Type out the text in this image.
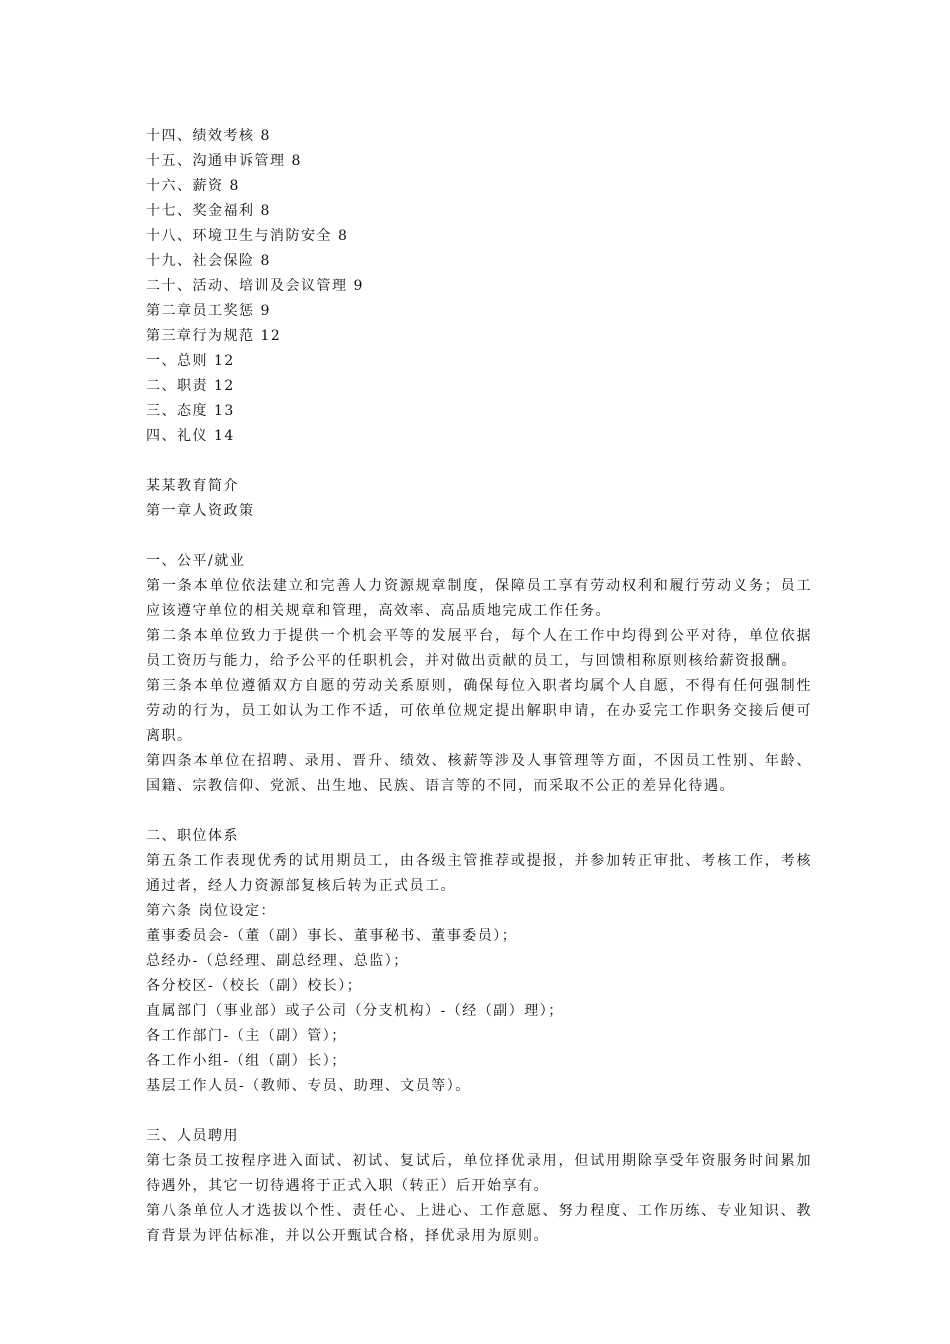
十四、绩效考核 8
十五、沟通申诉管理 8
十六、薪资 8
十七、奖金福利 8
十八、环境卫生与消防安全 8
十九、社会保险 8
二十、活动、培训及会议管理 9
第二章员工奖惩 9
第三章行为规范 12
一、总则 12
二、职责 12
三、态度 13
四、礼仪 14
某某教育简介
第一章人资政策
一、公平/就业
第一条本单位依法建立和完善人力资源规章制度，保障员工享有劳动权利和履行劳动义务；员工应该遵守单位的相关规章和管理，高效率、高品质地完成工作任务。
第二条本单位致力于提供一个机会平等的发展平台，每个人在工作中均得到公平对待，单位依据员工资历与能力，给予公平的任职机会，并对做出贡献的员工，与回馈相称原则核给薪资报酬。
第三条本单位遵循双方自愿的劳动关系原则，确保每位入职者均属个人自愿，不得有任何强制性劳动的行为，员工如认为工作不适，可依单位规定提出解职申请，在办妥完工作职务交接后便可离职。
第四条本单位在招聘、录用、晋升、绩效、核薪等涉及人事管理等方面，不因员工性别、年龄、国籍、宗教信仰、党派、出生地、民族、语言等的不同，而采取不公正的差异化待遇。
二、职位体系
第五条工作表现优秀的试用期员工，由各级主管推荐或提报，并参加转正审批、考核工作，考核通过者，经人力资源部复核后转为正式员工。
第六条 岗位设定：
董事委员会-（董（副）事长、董事秘书、董事委员）；
总经办-（总经理、副总经理、总监）；
各分校区-（校长（副）校长）；
直属部门（事业部）或子公司（分支机构）-（经（副）理）；
各工作部门-（主（副）管）；
各工作小组-（组（副）长）；
基层工作人员-（教师、专员、助理、文员等）。
三、人员聘用
第七条员工按程序进入面试、初试、复试后，单位择优录用，但试用期除享受年资服务时间累加待遇外，其它一切待遇将于正式入职（转正）后开始享有。
第八条单位人才选拔以个性、责任心、上进心、工作意愿、努力程度、工作历练、专业知识、教育背景为评估标准，并以公开甄试合格，择优录用为原则。
